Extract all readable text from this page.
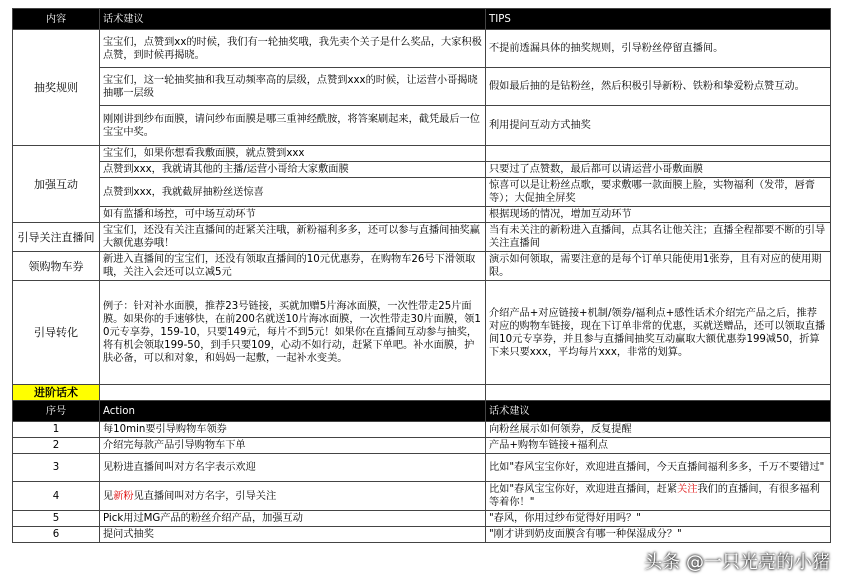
内容	话术建议	TIPS
抽奖规则	宝宝们，点赞到xx的时候，我们有一轮抽奖哦，我先卖个关子是什么奖品，大家积极点赞，到时候再揭晓。	不提前透漏具体的抽奖规则，引导粉丝停留直播间。
	宝宝们，这一轮抽奖抽和我互动频率高的层级，点赞到xxx的时候，让运营小哥揭晓抽哪一层级	假如最后抽的是钻粉丝，然后积极引导新粉、铁粉和挚爱粉点赞互动。
	刚刚讲到纱布面膜，请问纱布面膜是哪三重神经酰胺，将答案刷起来，截凭最后一位宝宝中奖。	利用提问互动方式抽奖
加强互动	宝宝们，如果你想看我敷面膜，就点赞到xxx	
	点赞到xxx，我就请其他的主播/运营小哥给大家敷面膜	只要过了点赞数，最后都可以请运营小哥敷面膜
	点赞到xxx，我就截屏抽粉丝送惊喜	惊喜可以是让粉丝点歌，要求敷哪一款面膜上脸，实物福利（发带，唇膏等）；大促抽全屏奖
	如有监播和场控，可中场互动环节	根据现场的情况，增加互动环节
引导关注直播间	宝宝们，还没有关注直播间的赶紧关注哦，新粉福利多多，还可以参与直播间抽奖赢大额优惠券哦！	当有未关注的新粉进入直播间，点其名让他关注；直播全程都要不断的引导关注直播间
领购物车券	新进入直播间的宝宝们，还没有领取直播间的10元优惠券，在购物车26号下滑领取哦，关注入会还可以立减5元	演示如何领取，需要注意的是每个订单只能使用1张券，且有对应的使用期限。
引导转化	例子：针对补水面膜，推荐23号链接，买就加赠5片海冰面膜，一次性带走25片面膜。如果你的手速够快，在前200名就送10片海冰面膜，一次性带走30片面膜，领10元专享券，159-10，只要149元，每片不到5元！如果你在直播间互动参与抽奖，将有机会领取199-50，到手只要109，心动不如行动，赶紧下单吧。补水面膜，护肤必备，可以和对象，和妈妈一起敷，一起补水变美。	介绍产品+对应链接+机制/领券/福利点+感性话术介绍完产品之后，推荐对应的购物车链接，现在下订单非常的优惠，买就送赠品，还可以领取直播间10元专享券，并且参与直播间抽奖互动赢取大额优惠券199减50，折算下来只要xxx，平均每片xxx，非常的划算。
进阶话术		
序号	Action	话术建议
1	每10min要引导购物车领券	向粉丝展示如何领券，反复提醒
2	介绍完每款产品引导购物车下单	产品+购物车链接+福利点
3	见粉进直播间叫对方名字表示欢迎	比如"春风宝宝你好，欢迎进直播间，今天直播间福利多多，千万不要错过"
4	见新粉见直播间叫对方名字，引导关注	比如"春风宝宝你好，欢迎进直播间，赶紧关注我们的直播间，有很多福利等着你！"
5	Pick用过MG产品的粉丝介绍产品，加强互动	"春风，你用过纱布觉得好用吗？"
6	提问式抽奖	"刚才讲到奶皮面膜含有哪一种保湿成分？"
头条 @一只光亮的小猪
